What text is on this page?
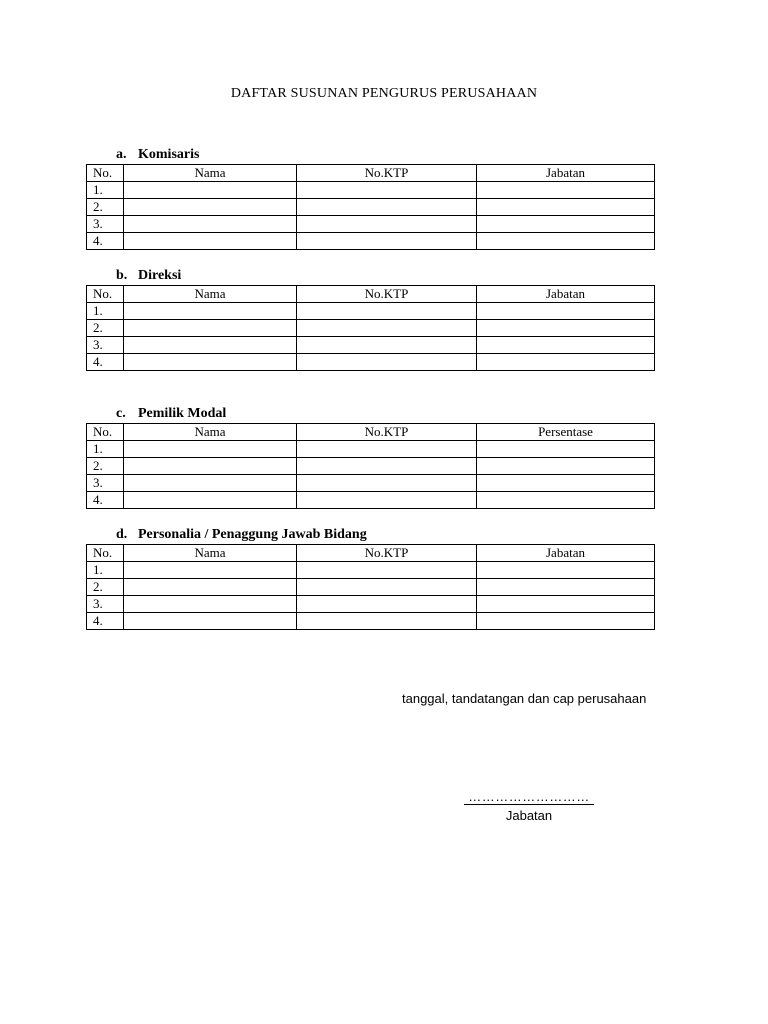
DAFTAR SUSUNAN PENGURUS PERUSAHAAN
a. Komisaris
No.	Nama	No.KTP	Jabatan
1.			
2.			
3.			
4.			
b. Direksi
No.	Nama	No.KTP	Jabatan
1.			
2.			
3.			
4.			
c. Pemilik Modal
No.	Nama	No.KTP	Persentase
1.			
2.			
3.			
4.			
d. Personalia / Penaggung Jawab Bidang
No.	Nama	No.KTP	Jabatan
1.			
2.			
3.			
4.			
tanggal, tandatangan dan cap perusahaan
………………………
Jabatan
